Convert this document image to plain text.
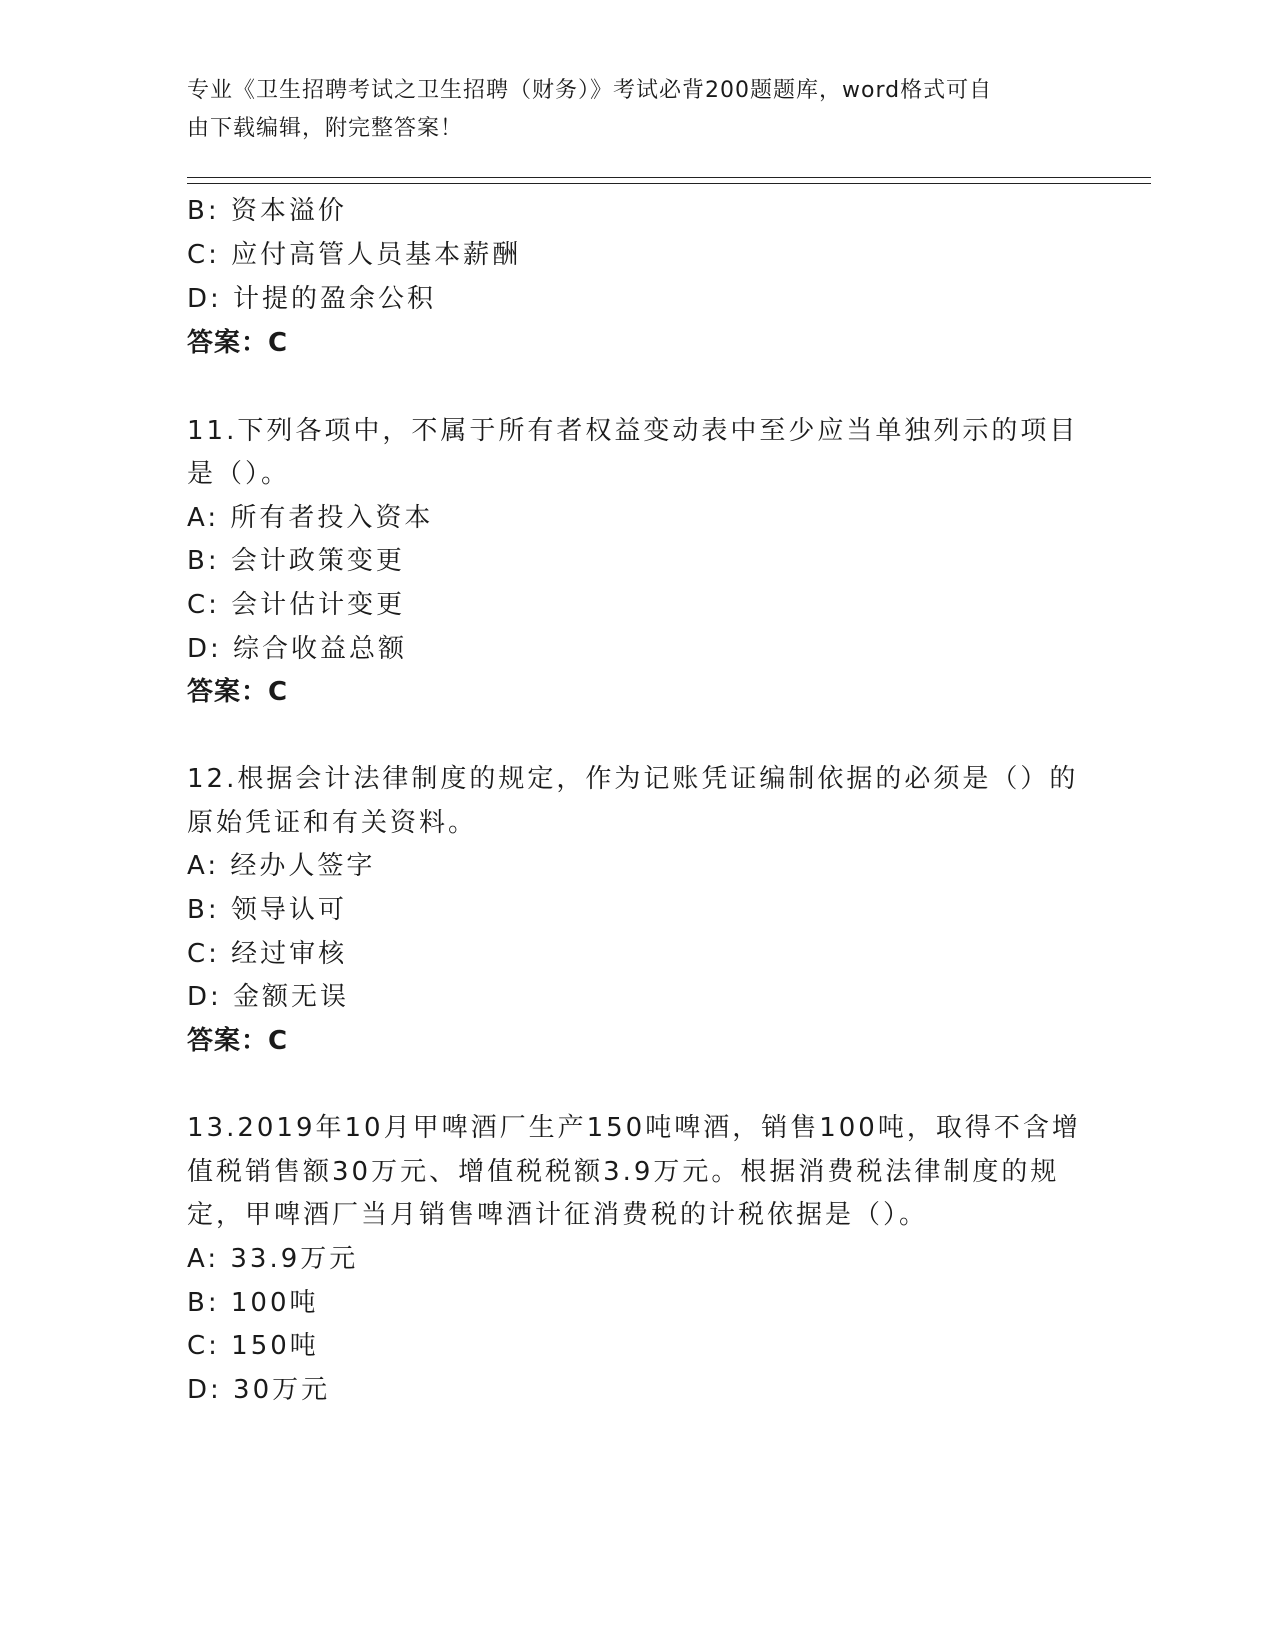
专业《卫生招聘考试之卫生招聘（财务）》考试必背200题题库，word格式可自
由下载编辑，附完整答案！
B: 资本溢价
C: 应付高管人员基本薪酬
D: 计提的盈余公积
答案：C
11.下列各项中，不属于所有者权益变动表中至少应当单独列示的项目
是（）。
A: 所有者投入资本
B: 会计政策变更
C: 会计估计变更
D: 综合收益总额
答案：C
12.根据会计法律制度的规定，作为记账凭证编制依据的必须是（）的
原始凭证和有关资料。
A: 经办人签字
B: 领导认可
C: 经过审核
D: 金额无误
答案：C
13.2019年10月甲啤酒厂生产150吨啤酒，销售100吨，取得不含增
值税销售额30万元、增值税税额3.9万元。根据消费税法律制度的规
定，甲啤酒厂当月销售啤酒计征消费税的计税依据是（）。
A: 33.9万元
B: 100吨
C: 150吨
D: 30万元
